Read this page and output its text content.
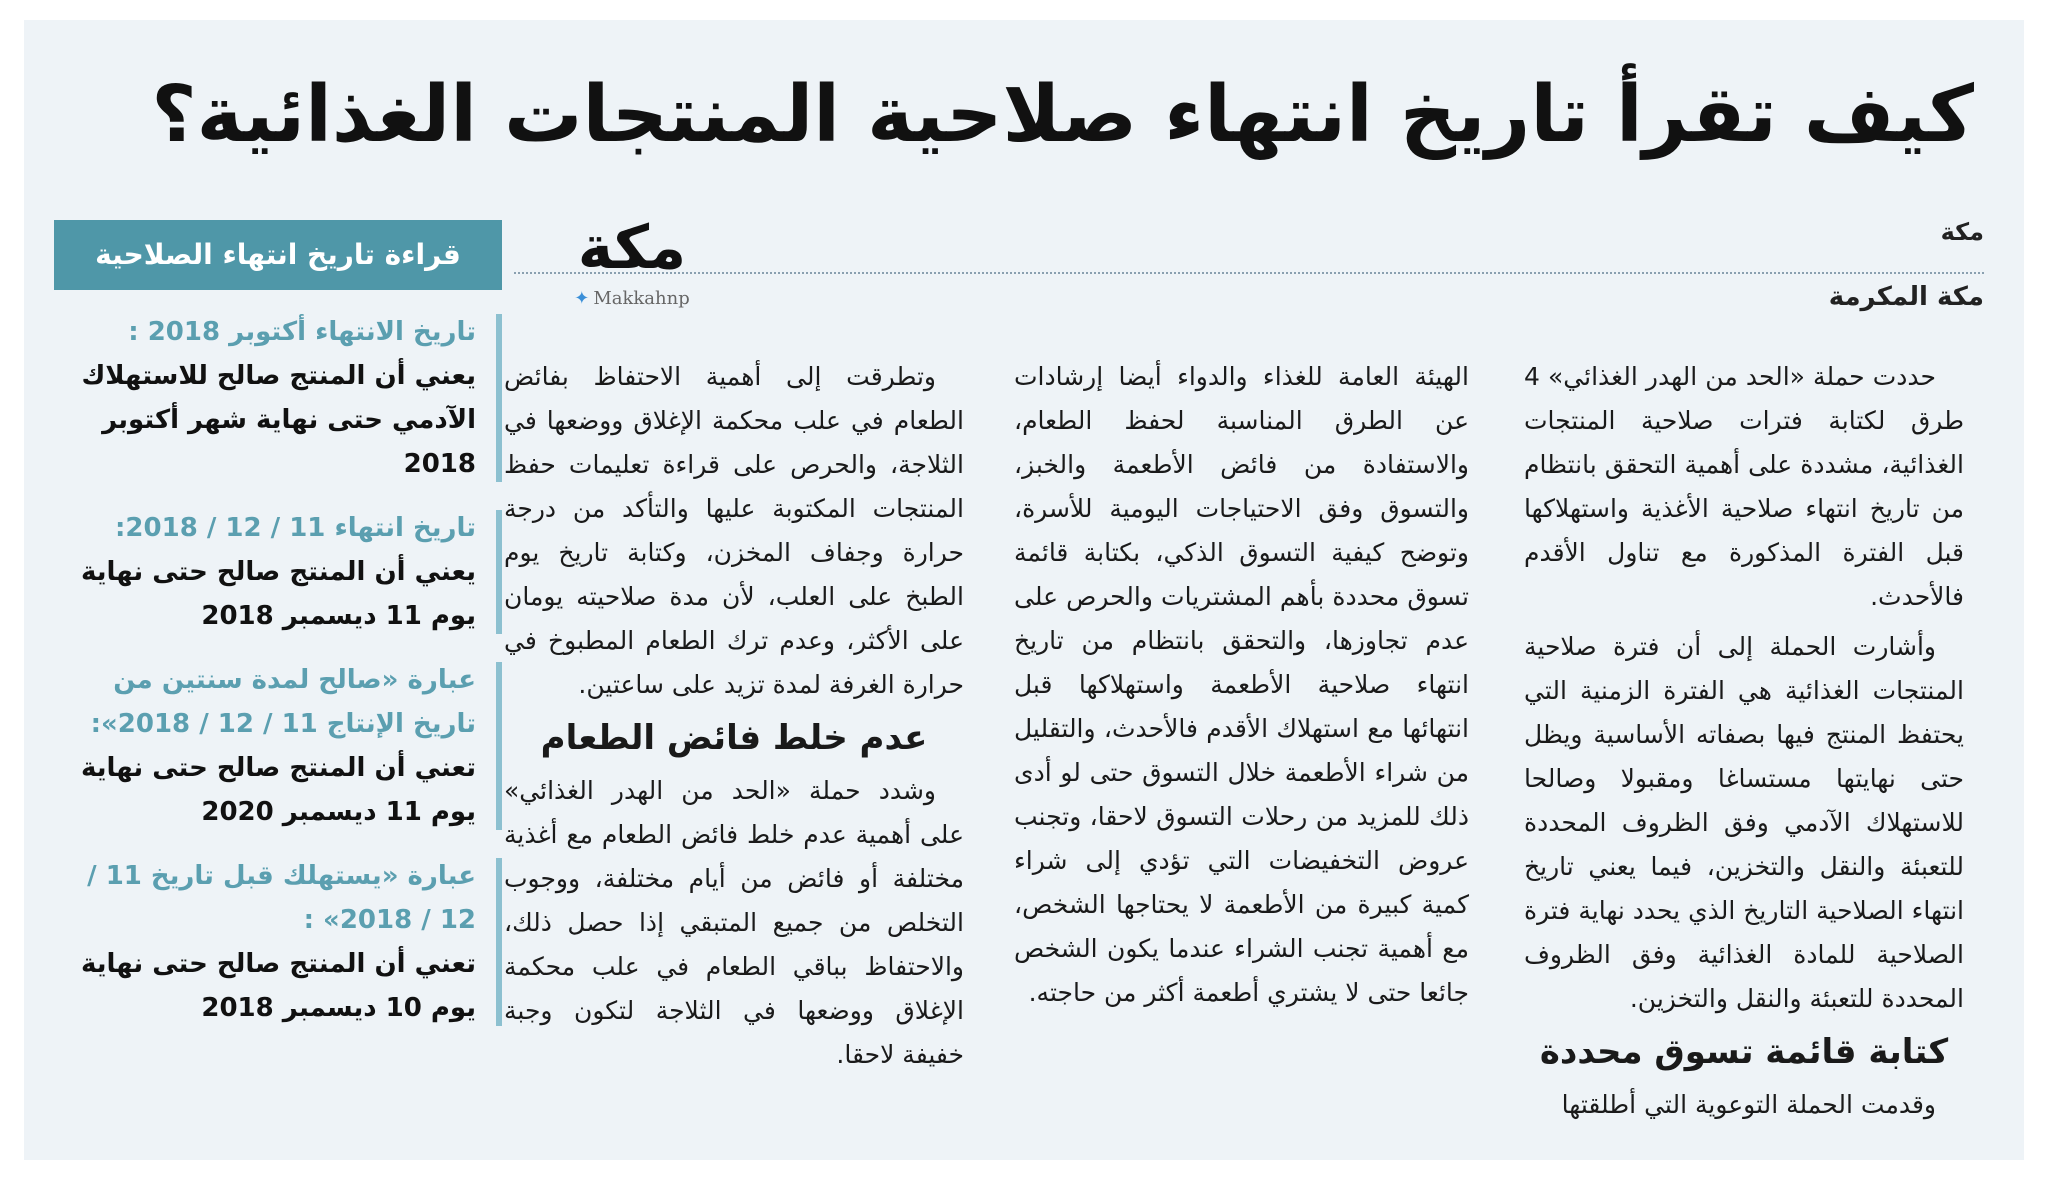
كيف تقرأ تاريخ انتهاء صلاحية المنتجات الغذائية؟
مكة
مكة المكرمة
مكة
✦ Makkahnp

حددت حملة «الحد من الهدر الغذائي» 4 طرق لكتابة فترات صلاحية المنتجات الغذائية، مشددة على أهمية التحقق بانتظام من تاريخ انتهاء صلاحية الأغذية واستهلاكها قبل الفترة المذكورة مع تناول الأقدم فالأحدث.

وأشارت الحملة إلى أن فترة صلاحية المنتجات الغذائية هي الفترة الزمنية التي يحتفظ المنتج فيها بصفاته الأساسية ويظل حتى نهايتها مستساغا ومقبولا وصالحا للاستهلاك الآدمي وفق الظروف المحددة للتعبئة والنقل والتخزين، فيما يعني تاريخ انتهاء الصلاحية التاريخ الذي يحدد نهاية فترة الصلاحية للمادة الغذائية وفق الظروف المحددة للتعبئة والنقل والتخزين.

كتابة قائمة تسوق محددة

وقدمت الحملة التوعوية التي أطلقتها

الهيئة العامة للغذاء والدواء أيضا إرشادات عن الطرق المناسبة لحفظ الطعام، والاستفادة من فائض الأطعمة والخبز، والتسوق وفق الاحتياجات اليومية للأسرة، وتوضح كيفية التسوق الذكي، بكتابة قائمة تسوق محددة بأهم المشتريات والحرص على عدم تجاوزها، والتحقق بانتظام من تاريخ انتهاء صلاحية الأطعمة واستهلاكها قبل انتهائها مع استهلاك الأقدم فالأحدث، والتقليل من شراء الأطعمة خلال التسوق حتى لو أدى ذلك للمزيد من رحلات التسوق لاحقا، وتجنب عروض التخفيضات التي تؤدي إلى شراء كمية كبيرة من الأطعمة لا يحتاجها الشخص، مع أهمية تجنب الشراء عندما يكون الشخص جائعا حتى لا يشتري أطعمة أكثر من حاجته.

وتطرقت إلى أهمية الاحتفاظ بفائض الطعام في علب محكمة الإغلاق ووضعها في الثلاجة، والحرص على قراءة تعليمات حفظ المنتجات المكتوبة عليها والتأكد من درجة حرارة وجفاف المخزن، وكتابة تاريخ يوم الطبخ على العلب، لأن مدة صلاحيته يومان على الأكثر، وعدم ترك الطعام المطبوخ في حرارة الغرفة لمدة تزيد على ساعتين.

عدم خلط فائض الطعام

وشدد حملة «الحد من الهدر الغذائي» على أهمية عدم خلط فائض الطعام مع أغذية مختلفة أو فائض من أيام مختلفة، ووجوب التخلص من جميع المتبقي إذا حصل ذلك، والاحتفاظ بباقي الطعام في علب محكمة الإغلاق ووضعها في الثلاجة لتكون وجبة خفيفة لاحقا.

قراءة تاريخ انتهاء الصلاحية
تاريخ الانتهاء أكتوبر 2018 :
يعني أن المنتج صالح للاستهلاك الآدمي حتى نهاية شهر أكتوبر 2018
تاريخ انتهاء 11 / 12 / 2018:
يعني أن المنتج صالح حتى نهاية يوم 11 ديسمبر 2018
عبارة «صالح لمدة سنتين من تاريخ الإنتاج 11 / 12 / 2018»:
تعني أن المنتج صالح حتى نهاية يوم 11 ديسمبر 2020
عبارة «يستهلك قبل تاريخ 11 / 12 / 2018» :
تعني أن المنتج صالح حتى نهاية يوم 10 ديسمبر 2018
